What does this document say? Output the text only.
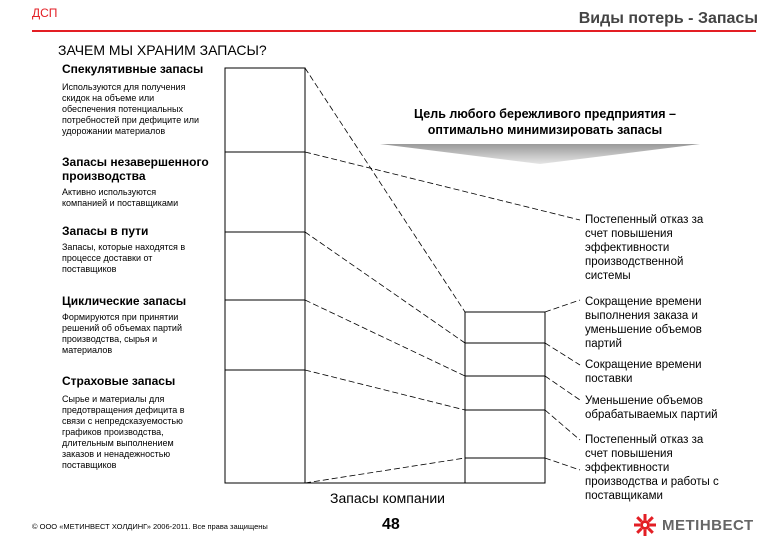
ДСП	Виды потерь - Запасы
ЗАЧЕМ МЫ ХРАНИМ ЗАПАСЫ?
Спекулятивные запасы
Используются для получения
скидок на объеме или
обеспечения потенциальных
потребностей при дефиците или
удорожании материалов
Запасы незавершенного
производства
Активно используются
компанией и поставщиками
Запасы в пути
Запасы, которые находятся в
процессе доставки от
поставщиков
Циклические запасы
Формируются при принятии
решений об объемах партий
производства, сырья и
материалов
Страховые запасы
Сырье и материалы для
предотвращения дефицита в
связи с непредсказуемостью
графиков производства,
длительным выполнением
заказов и ненадежностью
поставщиков
Цель любого бережливого предприятия –
оптимально минимизировать запасы
Постепенный отказ за
счет повышения
эффективности
производственной
системы
Сокращение времени
выполнения заказа и
уменьшение объемов
партий
Сокращение времени
поставки
Уменьшение объемов
обрабатываемых партий
Постепенный отказ за
счет повышения
эффективности
производства и работы с
поставщиками
Запасы компании
© ООО «МЕТИНВЕСТ ХОЛДИНГ» 2006-2011. Все права защищены	48	МЕТІНВЕСТ
